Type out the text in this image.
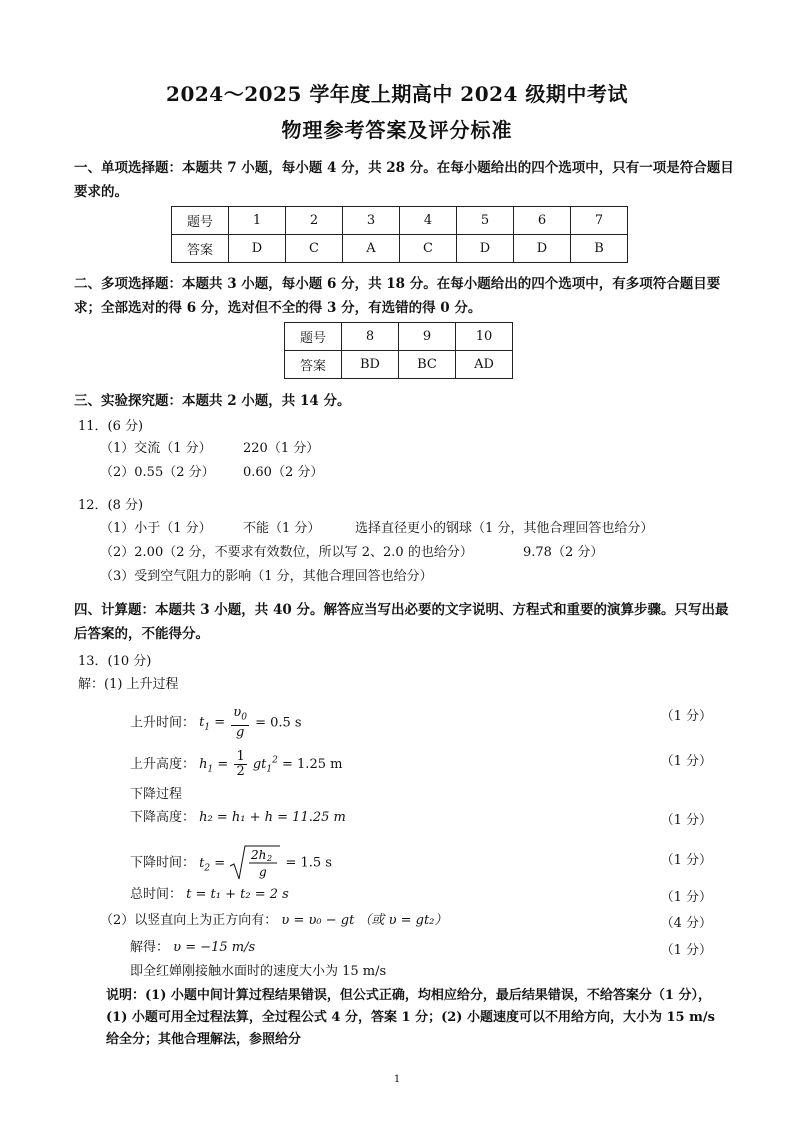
2024～2025 学年度上期高中 2024 级期中考试
物理参考答案及评分标准
一、单项选择题：本题共 7 小题，每小题 4 分，共 28 分。在每小题给出的四个选项中，只有一项是符合题目要求的。
题号	1	2	3	4	5	6	7
答案	D	C	A	C	D	D	B
二、多项选择题：本题共 3 小题，每小题 6 分，共 18 分。在每小题给出的四个选项中，有多项符合题目要求；全部选对的得 6 分，选对但不全的得 3 分，有选错的得 0 分。
题号	8	9	10
答案	BD	BC	AD
三、实验探究题：本题共 2 小题，共 14 分。
11．(6 分)
（1）交流（1 分） 220（1 分）
（2）0.55（2 分） 0.60（2 分）
12．(8 分)
（1）小于（1 分） 不能（1 分）	选择直径更小的钢球（1 分，其他合理回答也给分）
（2）2.00（2 分，不要求有效数位，所以写 2、2.0 的也给分）	9.78（2 分）
（3）受到空气阻力的影响（1 分，其他合理回答也给分）
四、计算题：本题共 3 小题，共 40 分。解答应当写出必要的文字说明、方程式和重要的演算步骤。只写出最后答案的，不能得分。
13．(10 分)
解：(1) 上升过程
上升时间： $t_1 = \frac{\upsilon_0}{g} = 0.5$ s	（1 分）
上升高度： $h_1 = \frac{1}{2} gt_1^2 = 1.25$ m	（1 分）
下降过程
下降高度： h₂ = h₁ + h = 11.25 m	（1 分）
下降时间： $t_2$ =
2h 2
g
= 1.5 s	（1 分）
总时间： t = t₁ + t₂ = 2 s	（1 分）
（2）以竖直向上为正方向有： υ = υ₀ − gt （或 υ = gt₂）	（4 分）
解得： υ = −15 m/s	（1 分）
即全红婵刚接触水面时的速度大小为 15 m/s
说明：(1) 小题中间计算过程结果错误，但公式正确，均相应给分，最后结果错误，不给答案分（1 分），(1) 小题可用全过程法算，全过程公式 4 分，答案 1 分；(2) 小题速度可以不用给方向，大小为 15 m/s 给全分；其他合理解法，参照给分
1
